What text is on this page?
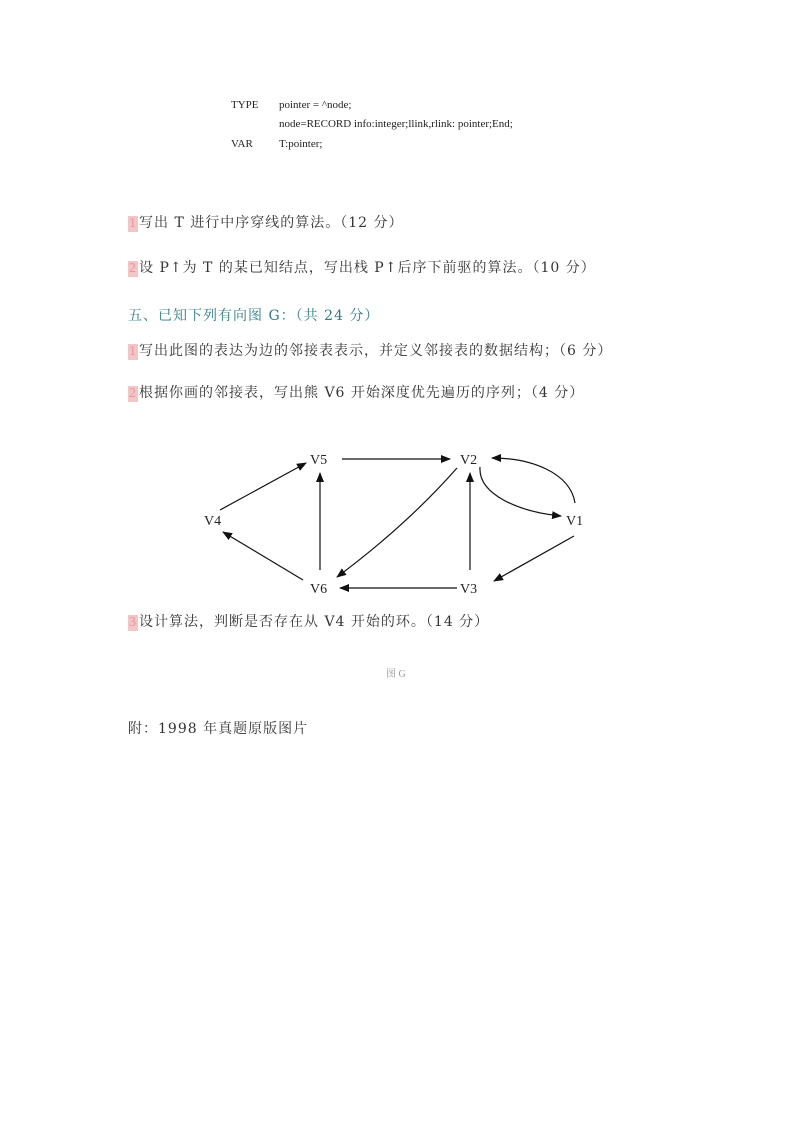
TYPE pointer = ^node;
node=RECORD info:integer;llink,rlink: pointer;End;
VAR T:pointer;
1 写出 T 进行中序穿线的算法。（12 分）
2 设 P↑为 T 的某已知结点，写出栈 P↑后序下前驱的算法。（10 分）
五、已知下列有向图 G：（共 24 分）
1 写出此图的表达为边的邻接表表示，并定义邻接表的数据结构；（6 分）
2 根据你画的邻接表，写出熊 V6 开始深度优先遍历的序列；（4 分）
V5	V2
V4	V1
V6	V3
3 设计算法，判断是否存在从 V4 开始的环。（14 分）
图 G
附：1998 年真题原版图片
